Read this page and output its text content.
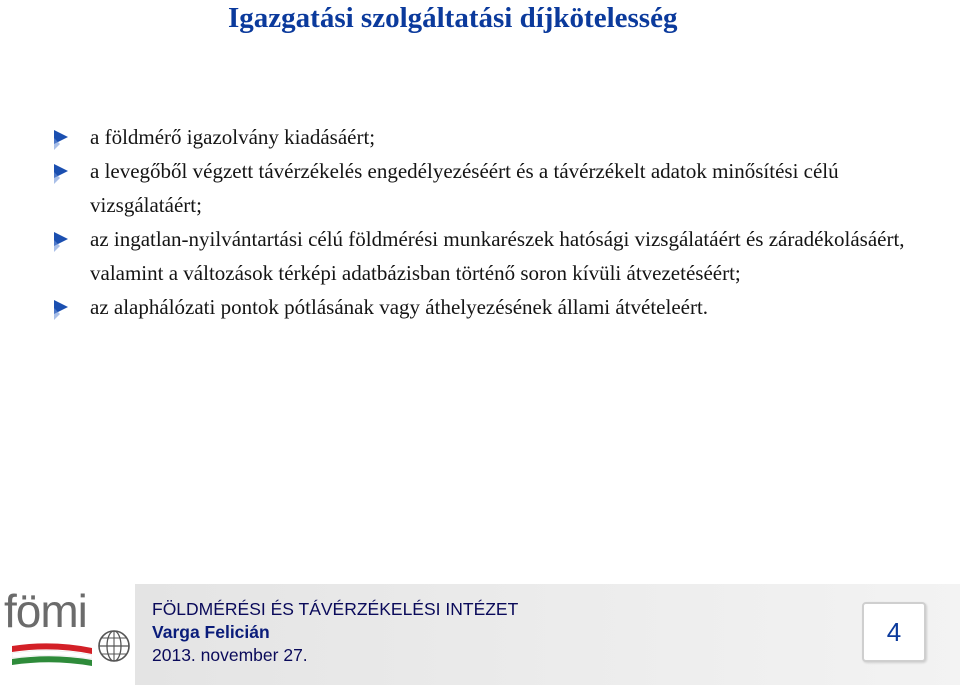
Igazgatási szolgáltatási díjkötelesség
a földmérő igazolvány kiadásáért;
a levegőből végzett távérzékelés engedélyezéséért és a távérzékelt adatok minősítési célú vizsgálatáért;
az ingatlan-nyilvántartási célú földmérési munkarészek hatósági vizsgálatáért és záradékolásáért, valamint a változások térképi adatbázisban történő soron kívüli átvezetéséért;
az alaphálózati pontok pótlásának vagy áthelyezésének állami átvételeért.
fömi	FÖLDMÉRÉSI ÉS TÁVÉRZÉKELÉSI INTÉZET
Varga Felicián
2013. november 27.
4
